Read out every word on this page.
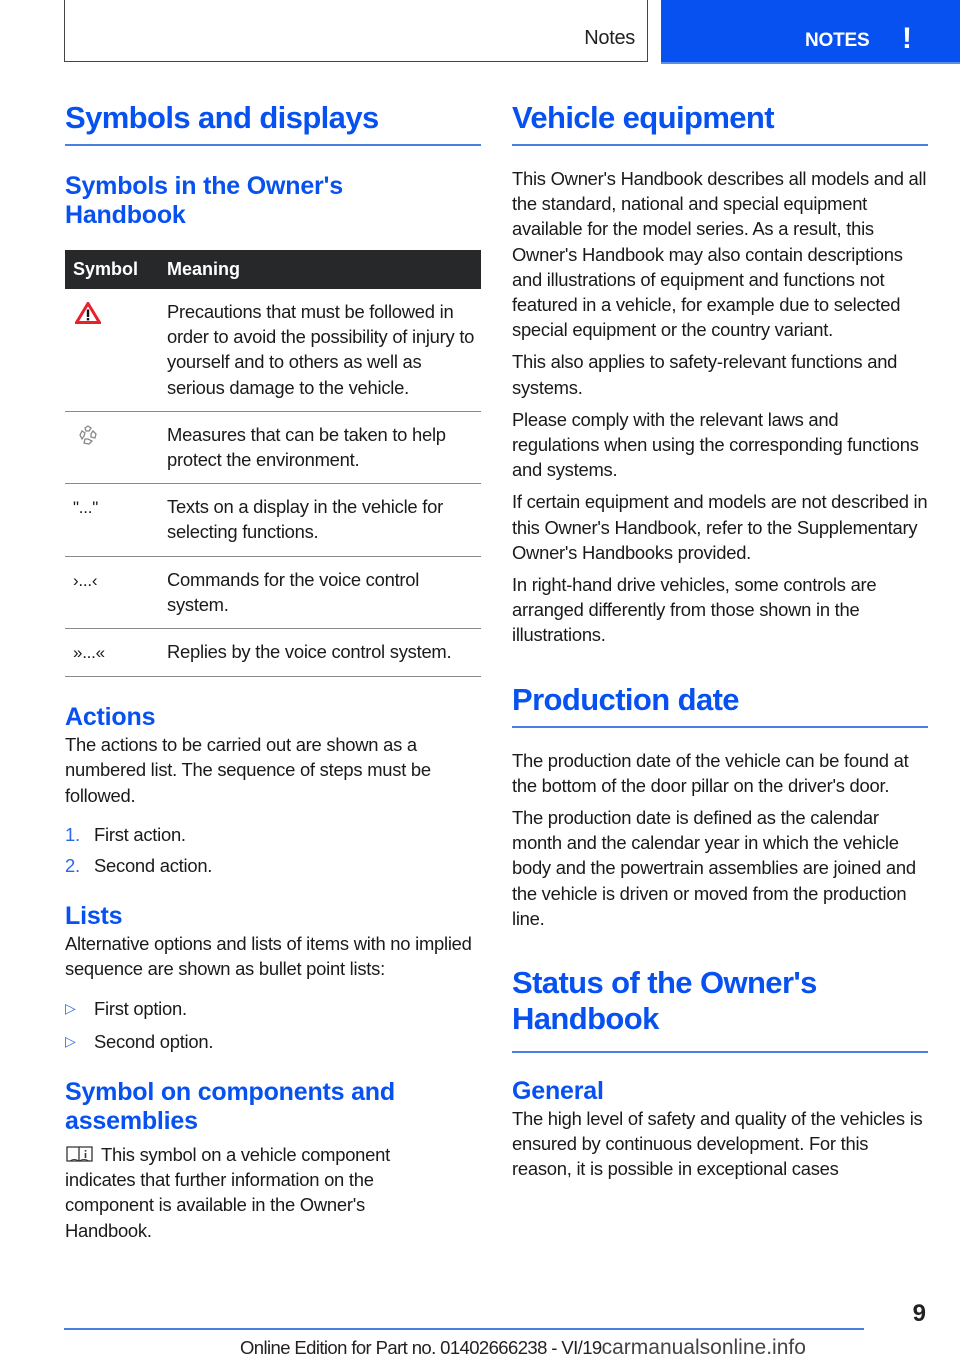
Notes	NOTES !
Symbols and displays
Symbols in the Owner's Handbook
Symbol	Meaning
	Precautions that must be followed in order to avoid the possibility of injury to yourself and to others as well as serious damage to the vehicle.
	Measures that can be taken to help protect the environment.
"..."	Texts on a display in the vehicle for selecting functions.
›...‹	Commands for the voice control system.
»...«	Replies by the voice control system.
Actions

The actions to be carried out are shown as a numbered list. The sequence of steps must be followed.

1. First action.
2. Second action.
Lists

Alternative options and lists of items with no implied sequence are shown as bullet point lists:

▷ First option.
▷ Second option.
Symbol on components and assemblies

This symbol on a vehicle component indicates that further information on the component is available in the Owner's Handbook.

Vehicle equipment

This Owner's Handbook describes all models and all the standard, national and special equipment available for the model series. As a result, this Owner's Handbook may also contain descriptions and illustrations of equipment and functions not featured in a vehicle, for example due to selected special equipment or the country variant.

This also applies to safety-relevant functions and systems.

Please comply with the relevant laws and regulations when using the corresponding functions and systems.

If certain equipment and models are not described in this Owner's Handbook, refer to the Supplementary Owner's Handbooks provided.

In right-hand drive vehicles, some controls are arranged differently from those shown in the illustrations.

Production date

The production date of the vehicle can be found at the bottom of the door pillar on the driver's door.

The production date is defined as the calendar month and the calendar year in which the vehicle body and the powertrain assemblies are joined and the vehicle is driven or moved from the production line.

Status of the Owner's Handbook
General

The high level of safety and quality of the vehicles is ensured by continuous development. For this reason, it is possible in exceptional cases

9
Online Edition for Part no. 01402666238 - VI/19carmanualsonline.info
